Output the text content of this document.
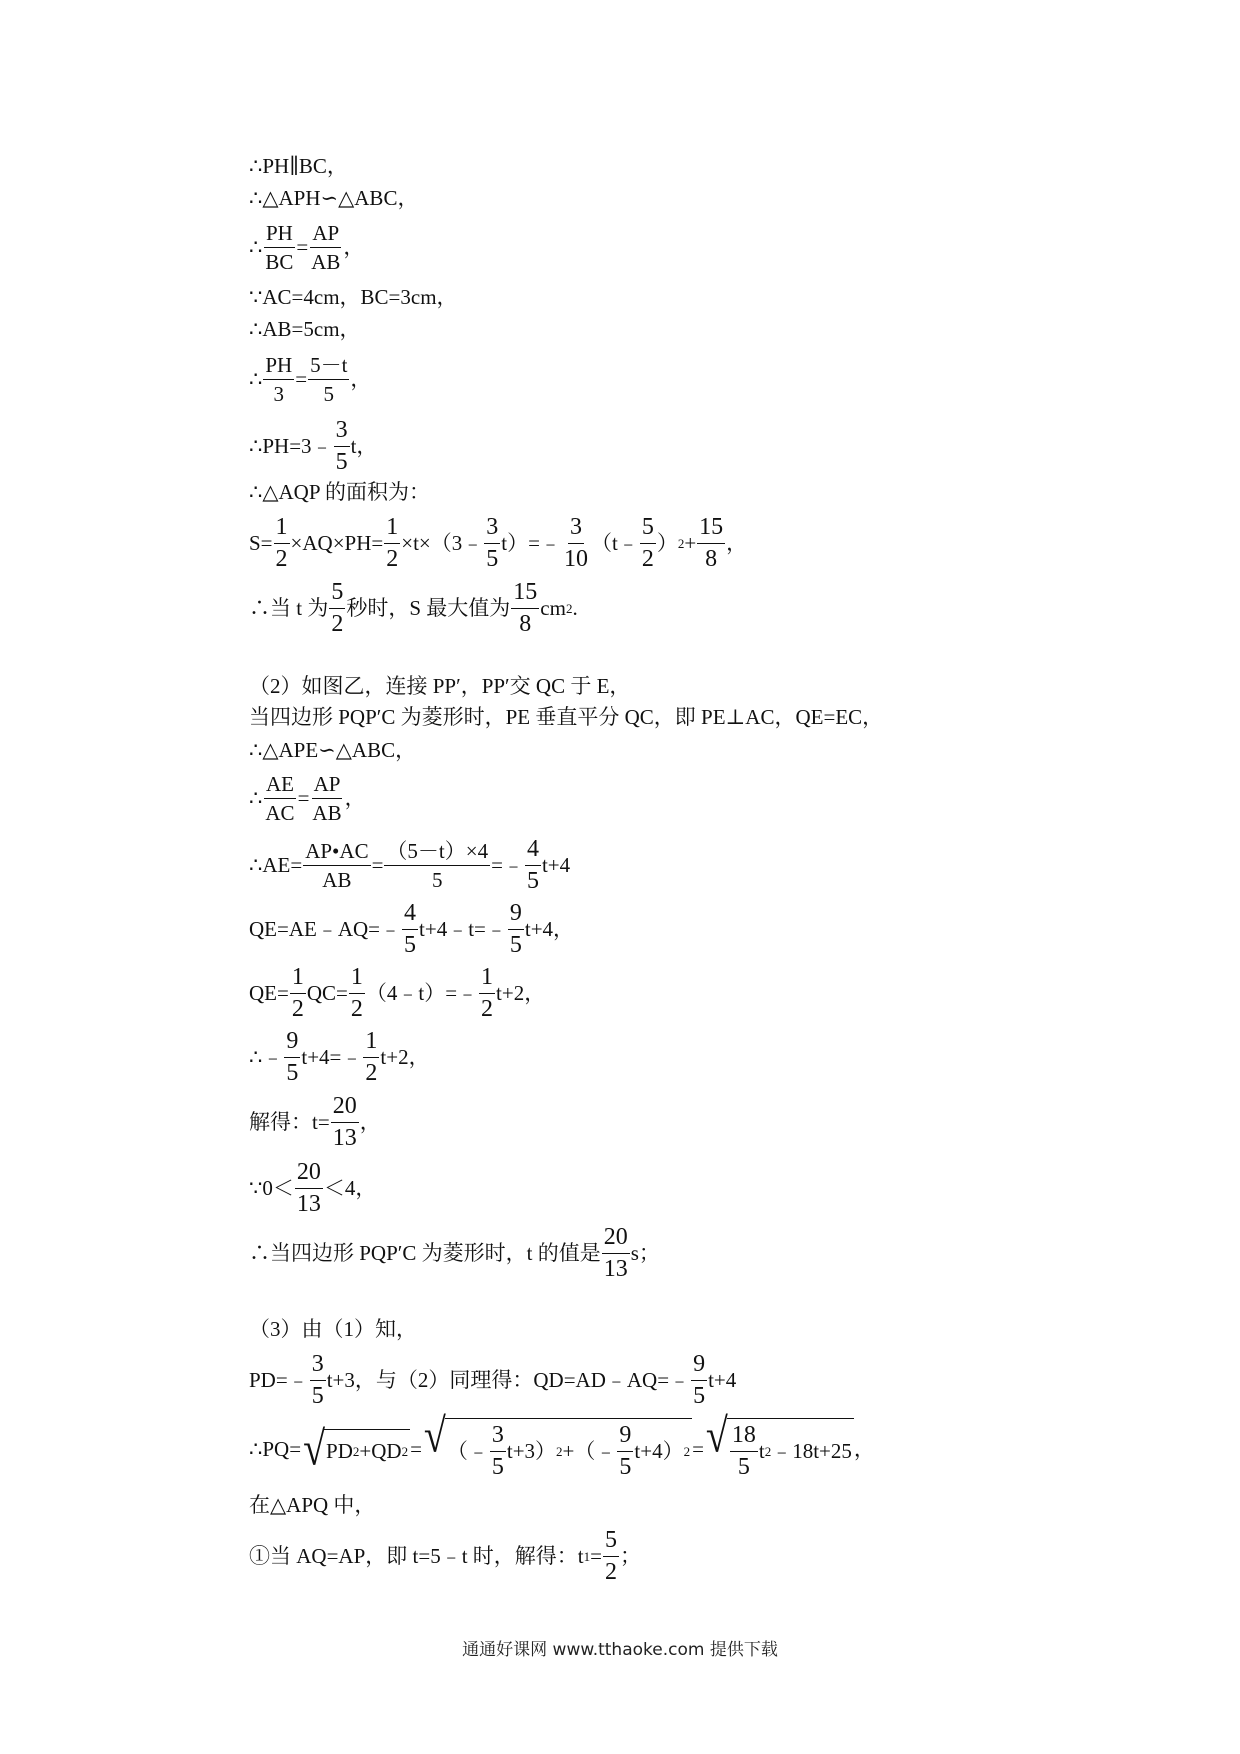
∴PH∥BC，
∴△APH∽△ABC，
∴ $\frac{PH}{BC} = \frac{AP}{AB}$ ，
∵AC=4cm，BC=3cm，
∴AB=5cm，
∴ $\frac{PH}{3} = \frac{5-t}{5}$ ，
∴PH=3﹣ $\frac{3}{5}$ t，
∴△AQP 的面积为：
$S= \frac{1}{2} \times AQ\times PH= \frac{1}{2}$ ×t×（3﹣ $\frac{3}{5}$ t）=﹣ $\frac{3}{10}$ （t﹣ $\frac{5}{2}$ ） $2 + \frac{15}{8}$ ，
∴当 t 为 $\frac{5}{2}$ 秒时，S 最大值为 $\frac{15}{8}$ cm 2 .
（2）如图乙，连接 PP′，PP′交 QC 于 E，
当四边形 PQP′C 为菱形时，PE 垂直平分 QC，即 PE⊥AC，QE=EC，
∴△APE∽△ABC，
∴ $\frac{AE}{AC} = \frac{AP}{AB}$ ，
∴AE= $\frac{AP•AC}{AB} = \frac{(5-t)\times 4}{5}$ =﹣ $\frac{4}{5} t+4$
QE=AE﹣AQ=﹣ $\frac{4}{5}$ t+4﹣t=﹣ $\frac{9}{5} t+4$，
$QE= \frac{1}{2} QC= \frac{1}{2}$ （4﹣t）=﹣ $\frac{1}{2} t+2$，
∴﹣ $\frac{9}{5}$ t+4=﹣ $\frac{1}{2} t+2$，
解得：$t= \frac{20}{13}$ ，
∵0＜ $\frac{20}{13} <4$，
∴当四边形 PQP′C 为菱形时，t 的值是 $\frac{20}{13}$ s；
（3）由（1）知，
PD=﹣ $\frac{3}{5} t+3$，与（2）同理得：QD=AD﹣AQ=﹣ $\frac{9}{5} t+4$
∴PQ= √ PD 2 +QD 2 = √ （﹣ $\frac{3}{5} t+3$） 2 +（﹣ $\frac{9}{5} t+4$） 2 = √ $\frac{18}{5}$ t 2 ﹣18t+25 ，
在△APQ 中，
①当 AQ=AP，即 t=5﹣t 时，解得：t $1 = \frac{5}{2}$ ；
通通好课网 www.tthaoke.com 提供下载
